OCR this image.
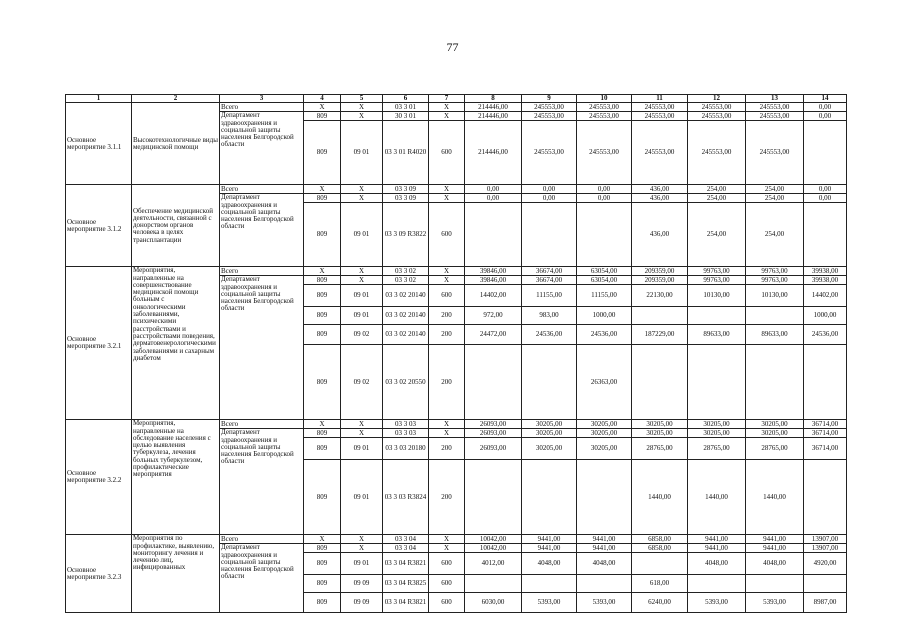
77
1	2	3	4	5	6	7	8	9	10	11	12	13	14
Основное мероприятие 3.1.1	Высокотехнологичные виды медицинской помощи	Всего	X	X	03 3 01	X	214446,00	245553,00	245553,00	245553,00	245553,00	245553,00	0,00
		Департамент здравоохранения и социальной защиты населения Белгородской области	809	X	30 3 01	X	214446,00	245553,00	245553,00	245553,00	245553,00	245553,00	0,00
			809	09 01	03 3 01 R4020	600	214446,00	245553,00	245553,00	245553,00	245553,00	245553,00	
Основное мероприятие 3.1.2	Обеспечение медицинской деятельности, связанной с донорством органов человека в целях трансплантации	Всего	X	X	03 3 09	X	0,00	0,00	0,00	436,00	254,00	254,00	0,00
		Департамент здравоохранения и социальной защиты населения Белгородской области	809	X	03 3 09	X	0,00	0,00	0,00	436,00	254,00	254,00	0,00
			809	09 01	03 3 09 R3822	600				436,00	254,00	254,00	
Основное мероприятие 3.2.1	Мероприятия, направленные на совершенствование медицинской помощи больным с онкологическими заболеваниями, психическими расстройствами и расстройствами поведения, дерматовенерологическими заболеваниями и сахарным диабетом	Всего	X	X	03 3 02	X	39846,00	36674,00	63054,00	209359,00	99763,00	99763,00	39938,00
		Департамент здравоохранения и социальной защиты населения Белгородской области	809	X	03 3 02	X	39846,00	36674,00	63054,00	209359,00	99763,00	99763,00	39938,00
			809	09 01	03 3 02 20140	600	14402,00	11155,00	11155,00	22130,00	10130,00	10130,00	14402,00
			809	09 01	03 3 02 20140	200	972,00	983,00	1000,00				1000,00
			809	09 02	03 3 02 20140	200	24472,00	24536,00	24536,00	187229,00	89633,00	89633,00	24536,00
			809	09 02	03 3 02 20550	200			26363,00				
Основное мероприятие 3.2.2	Мероприятия, направленные на обследование населения с целью выявления туберкулеза, лечения больных туберкулезом, профилактические мероприятия	Всего	X	X	03 3 03	X	26093,00	30205,00	30205,00	30205,00	30205,00	30205,00	36714,00
		Департамент здравоохранения и социальной защиты населения Белгородской области	809	X	03 3 03	X	26093,00	30205,00	30205,00	30205,00	30205,00	30205,00	36714,00
			809	09 01	03 3 03 20180	200	26093,00	30205,00	30205,00	28765,00	28765,00	28765,00	36714,00
			809	09 01	03 3 03 R3824	200				1440,00	1440,00	1440,00	
Основное мероприятие 3.2.3	Мероприятия по профилактике, выявлению, мониторингу лечения и лечению лиц, инфицированных	Всего	X	X	03 3 04	X	10042,00	9441,00	9441,00	6858,00	9441,00	9441,00	13907,00
		Департамент здравоохранения и социальной защиты населения Белгородской области	809	X	03 3 04	X	10042,00	9441,00	9441,00	6858,00	9441,00	9441,00	13907,00
			809	09 01	03 3 04 R3821	600	4012,00	4048,00	4048,00		4048,00	4048,00	4920,00
			809	09 09	03 3 04 R3825	600				618,00			
			809	09 09	03 3 04 R3821	600	6030,00	5393,00	5393,00	6240,00	5393,00	5393,00	8987,00
